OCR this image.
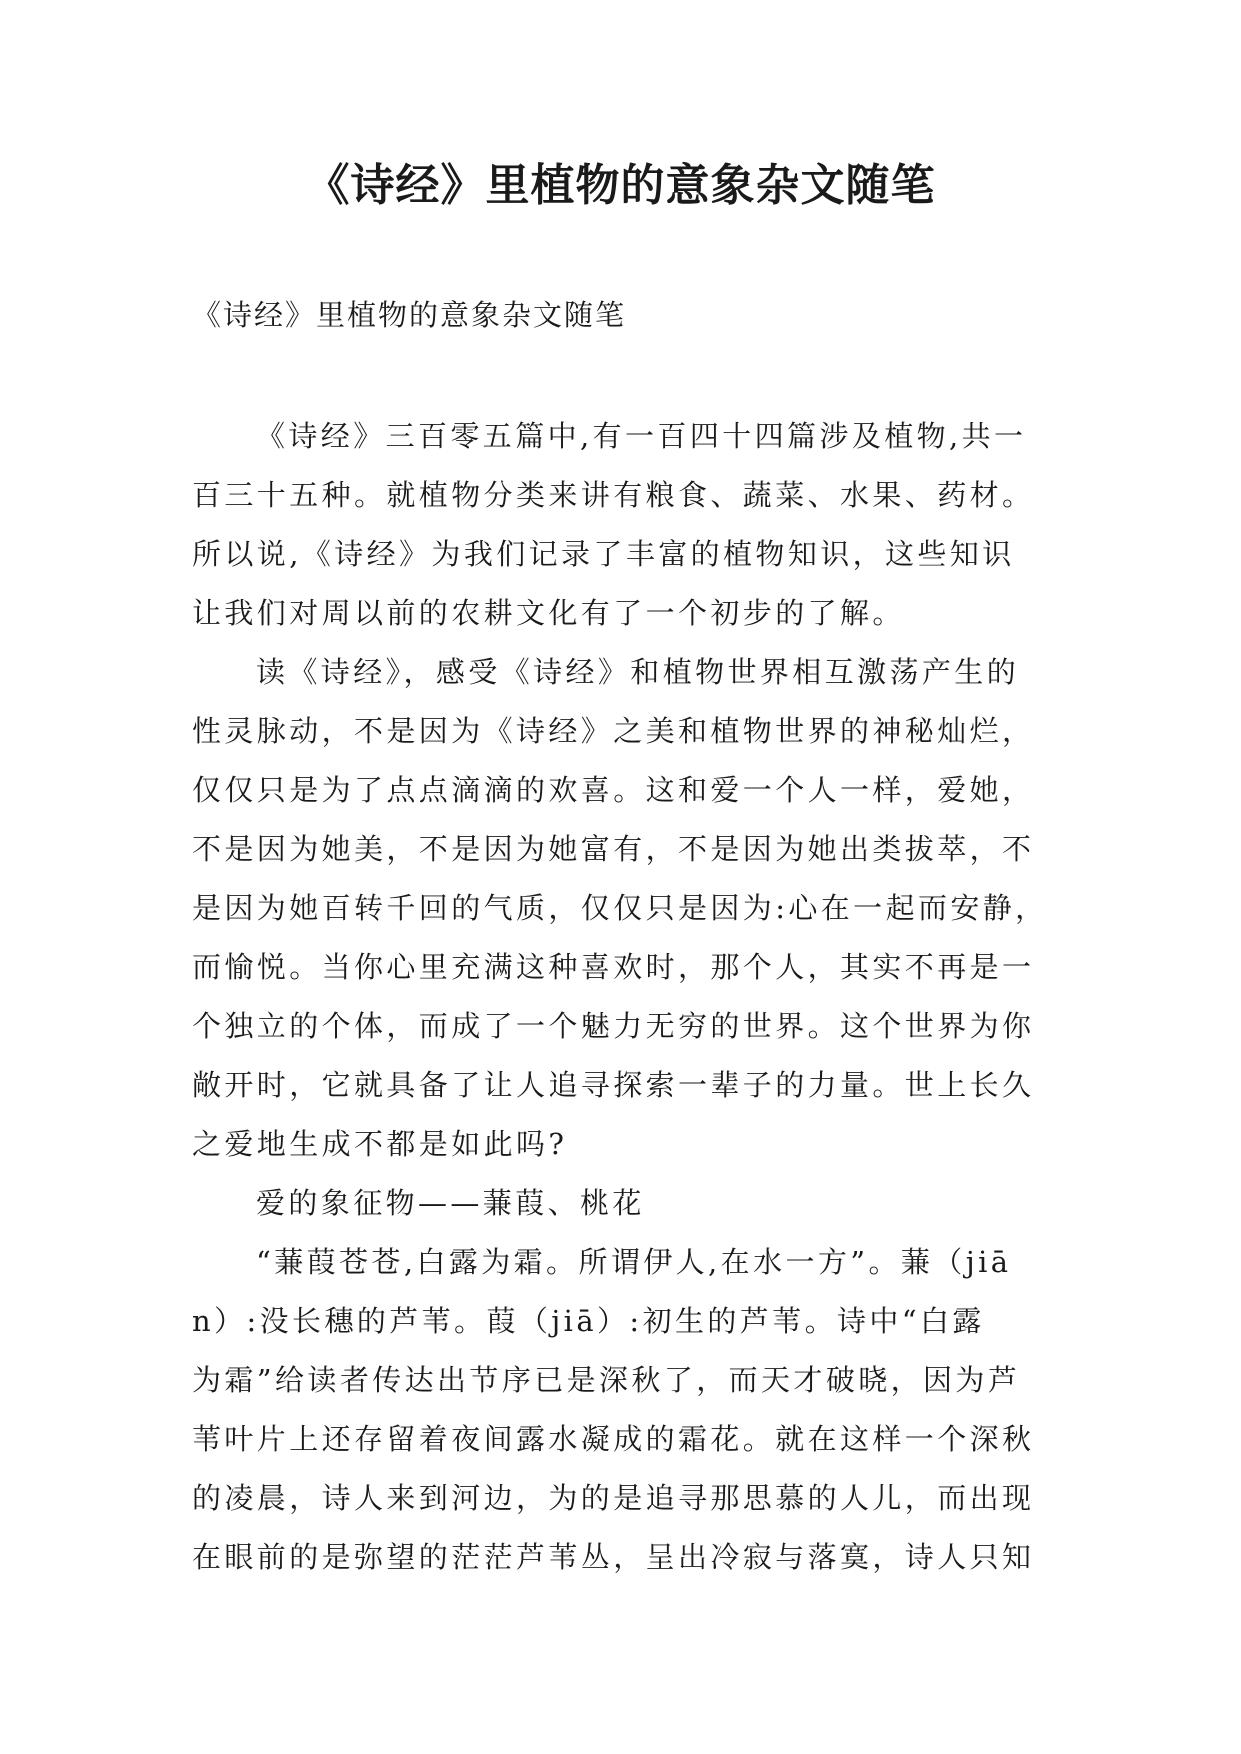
《诗经》里植物的意象杂文随笔

《诗经》里植物的意象杂文随笔

《诗经》三百零五篇中,有一百四十四篇涉及植物,共一
百三十五种。就植物分类来讲有粮食、蔬菜、水果、药材。
所以说,《诗经》为我们记录了丰富的植物知识，这些知识
让我们对周以前的农耕文化有了一个初步的了解。
读《诗经》，感受《诗经》和植物世界相互激荡产生的
性灵脉动，不是因为《诗经》之美和植物世界的神秘灿烂，
仅仅只是为了点点滴滴的欢喜。这和爱一个人一样，爱她，
不是因为她美，不是因为她富有，不是因为她出类拔萃，不
是因为她百转千回的气质，仅仅只是因为:心在一起而安静，
而愉悦。当你心里充满这种喜欢时，那个人，其实不再是一
个独立的个体，而成了一个魅力无穷的世界。这个世界为你
敞开时，它就具备了让人追寻探索一辈子的力量。世上长久
之爱地生成不都是如此吗?
爱的象征物——蒹葭、桃花
“蒹葭苍苍,白露为霜。所谓伊人,在水一方”。蒹（jiā
n）:没长穗的芦苇。葭（jiā）:初生的芦苇。诗中“白露
为霜”给读者传达出节序已是深秋了，而天才破晓，因为芦
苇叶片上还存留着夜间露水凝成的霜花。就在这样一个深秋
的凌晨，诗人来到河边，为的是追寻那思慕的人儿，而出现
在眼前的是弥望的茫茫芦苇丛，呈出冷寂与落寞，诗人只知
